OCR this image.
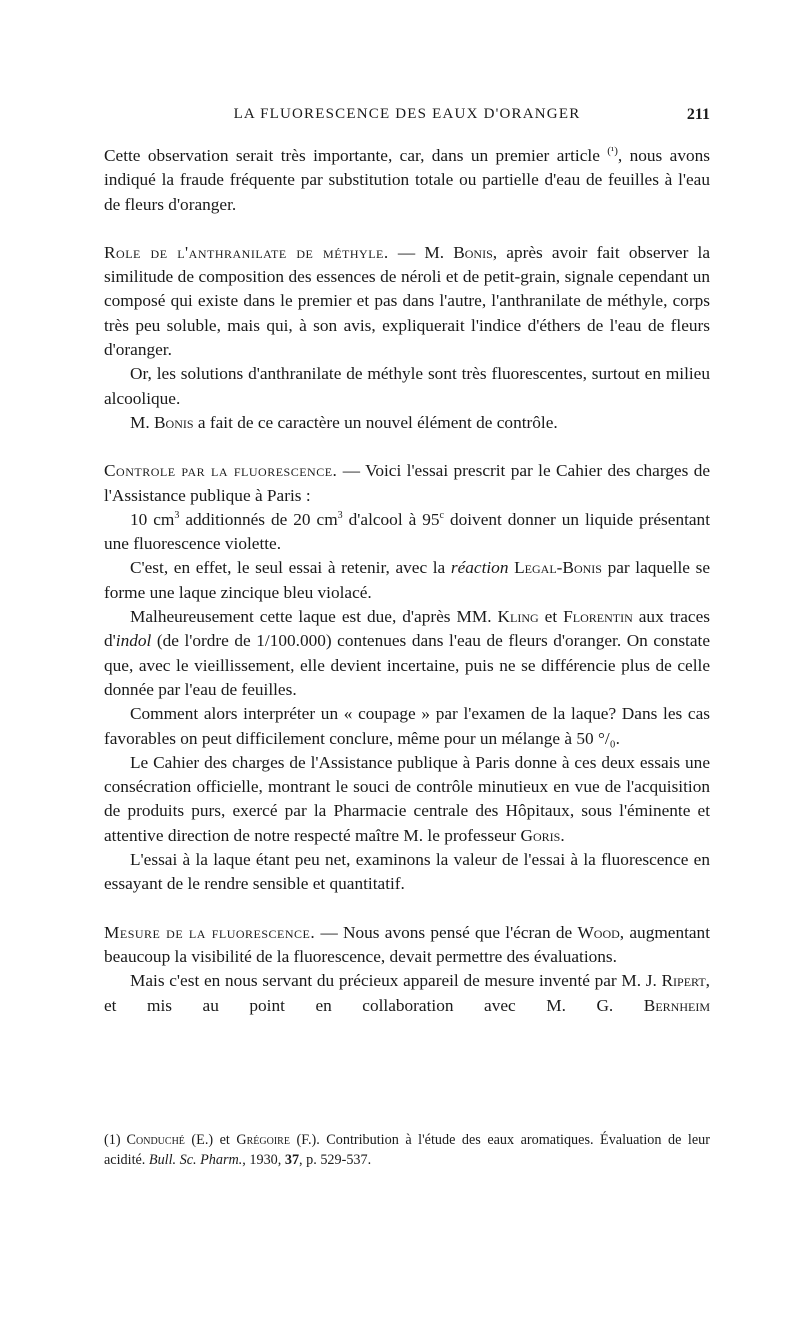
LA FLUORESCENCE DES EAUX D'ORANGER	211

Cette observation serait très importante, car, dans un premier article $^{(^1)}$, nous avons indiqué la fraude fréquente par substitution totale ou partielle d'eau de feuilles à l'eau de fleurs d'oranger.

Role de l'anthranilate de méthyle. — M. Bonis, après avoir fait observer la similitude de composition des essences de néroli et de petit-grain, signale cependant un composé qui existe dans le premier et pas dans l'autre, l'anthranilate de méthyle, corps très peu soluble, mais qui, à son avis, expliquerait l'indice d'éthers de l'eau de fleurs d'oranger.

Or, les solutions d'anthranilate de méthyle sont très fluorescentes, surtout en milieu alcoolique.

M. Bonis a fait de ce caractère un nouvel élément de contrôle.

Controle par la fluorescence. — Voici l'essai prescrit par le Cahier des charges de l'Assistance publique à Paris :

10 $cm^3$ additionnés de 20 $cm^3$ d'alcool à 95$^c$ doivent donner un liquide présentant une fluorescence violette.

C'est, en effet, le seul essai à retenir, avec la réaction Legal-Bonis par laquelle se forme une laque zincique bleu violacé.

Malheureusement cette laque est due, d'après MM. Kling et Florentin aux traces d'indol (de l'ordre de 1/100.000) contenues dans l'eau de fleurs d'oranger. On constate que, avec le vieillissement, elle devient incertaine, puis ne se différencie plus de celle donnée par l'eau de feuilles.

Comment alors interpréter un « coupage » par l'examen de la laque? Dans les cas favorables on peut difficilement conclure, même pour un mélange à 50 °/₀.

Le Cahier des charges de l'Assistance publique à Paris donne à ces deux essais une consécration officielle, montrant le souci de contrôle minutieux en vue de l'acquisition de produits purs, exercé par la Pharmacie centrale des Hôpitaux, sous l'éminente et attentive direction de notre respecté maître M. le professeur Goris.

L'essai à la laque étant peu net, examinons la valeur de l'essai à la fluorescence en essayant de le rendre sensible et quantitatif.

Mesure de la fluorescence. — Nous avons pensé que l'écran de Wood, augmentant beaucoup la visibilité de la fluorescence, devait permettre des évaluations.

Mais c'est en nous servant du précieux appareil de mesure inventé par M. J. Ripert, et mis au point en collaboration avec M. G. Bernheim

(1) Conduché (E.) et Grégoire (F.). Contribution à l'étude des eaux aromatiques. Évaluation de leur acidité. Bull. Sc. Pharm., 1930, 37, p. 529-537.
